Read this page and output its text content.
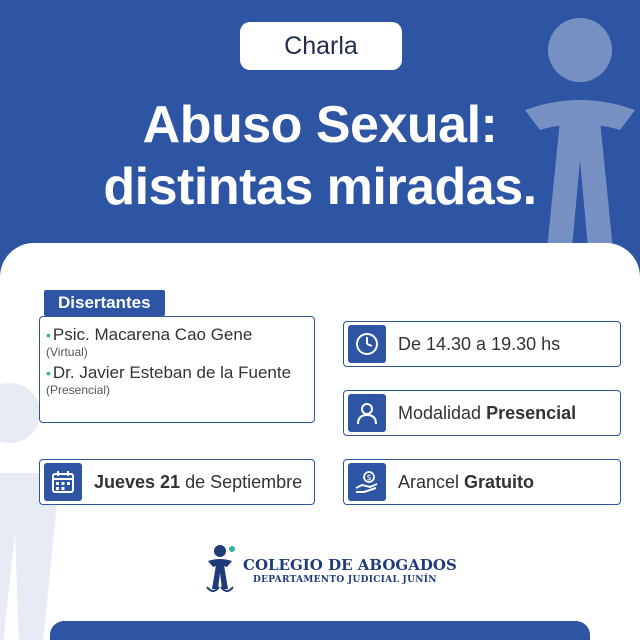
Charla
Abuso Sexual:
distintas miradas.
Disertantes
• Psic. Macarena Cao Gene
(Virtual)
• Dr. Javier Esteban de la Fuente
(Presencial)
Jueves 21 de Septiembre
De 14.30 a 19.30 hs
Modalidad Presencial
$ Arancel Gratuito
COLEGIO DE ABOGADOS
DEPARTAMENTO JUDICIAL JUNÍN
